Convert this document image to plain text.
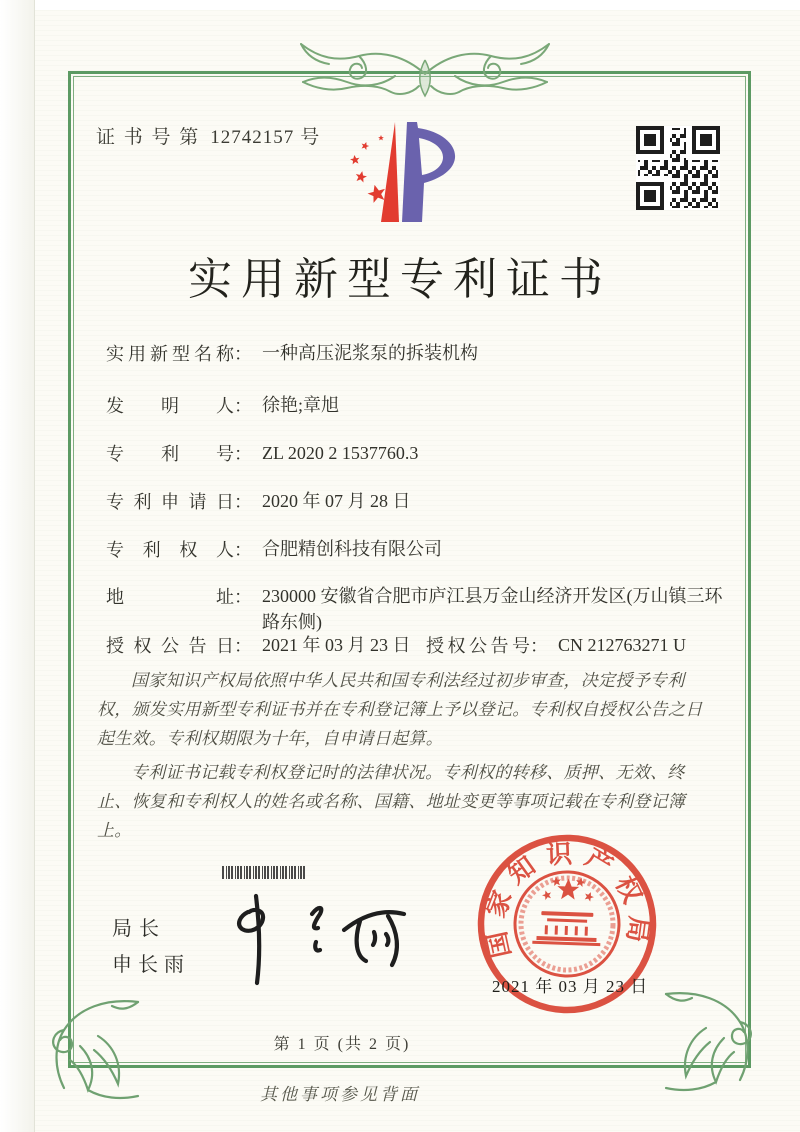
证 书 号 第 12742157 号
实用新型专利证书
实用新型名称： 一种高压泥浆泵的拆装机构
发明人： 徐艳;章旭
专利号： ZL 2020 2 1537760.3
专利申请日： 2020 年 07 月 28 日
专利权人： 合肥精创科技有限公司
地址： 230000 安徽省合肥市庐江县万金山经济开发区(万山镇三环路东侧)
授权公告日： 2021 年 03 月 23 日 授权公告号： CN 212763271 U

国家知识产权局依照中华人民共和国专利法经过初步审查，决定授予专利权，颁发实用新型专利证书并在专利登记簿上予以登记。专利权自授权公告之日起生效。专利权期限为十年，自申请日起算。

专利证书记载专利权登记时的法律状况。专利权的转移、质押、无效、终止、恢复和专利权人的姓名或名称、国籍、地址变更等事项记载在专利登记簿上。

局长
申长雨
国家知识产权局
2021 年 03 月 23 日
第 1 页 (共 2 页)
其他事项参见背面
